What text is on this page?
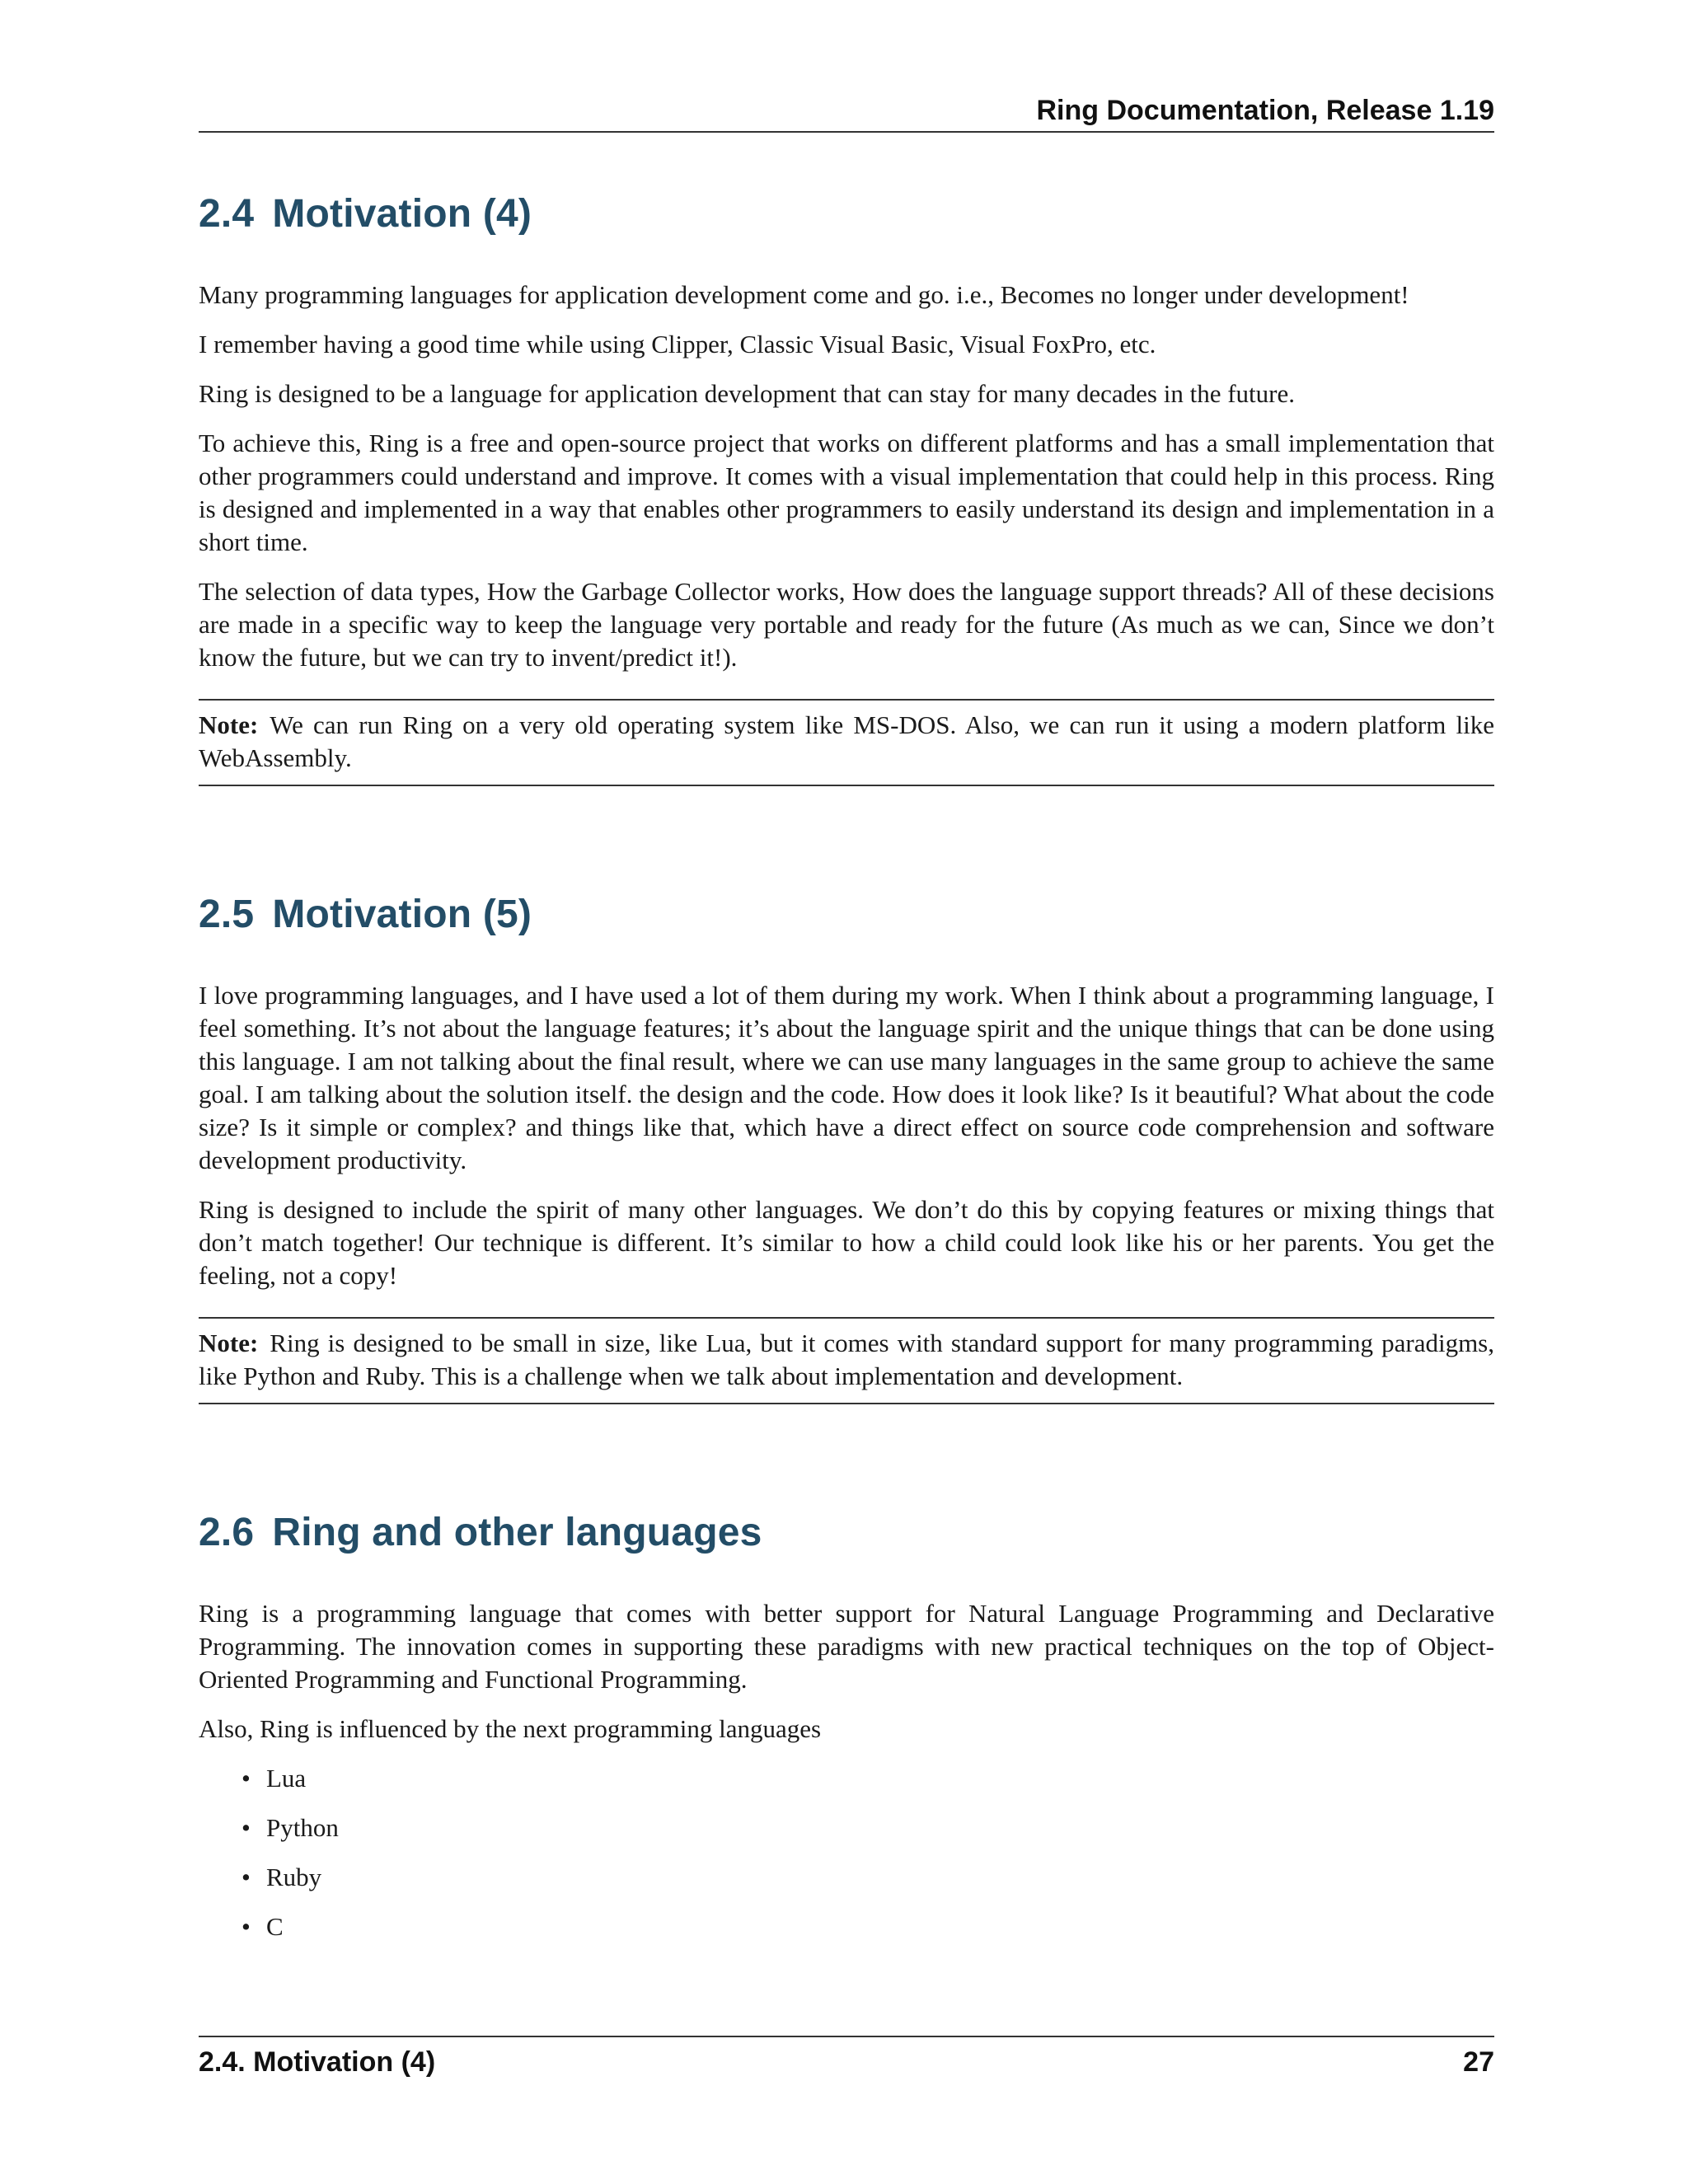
Ring Documentation, Release 1.19
2.4 Motivation (4)

Many programming languages for application development come and go. i.e., Becomes no longer under development!

I remember having a good time while using Clipper, Classic Visual Basic, Visual FoxPro, etc.

Ring is designed to be a language for application development that can stay for many decades in the future.

To achieve this, Ring is a free and open-source project that works on different platforms and has a small implementation that other programmers could understand and improve. It comes with a visual implementation that could help in this process. Ring is designed and implemented in a way that enables other programmers to easily understand its design and implementation in a short time.

The selection of data types, How the Garbage Collector works, How does the language support threads? All of these decisions are made in a specific way to keep the language very portable and ready for the future (As much as we can, Since we don’t know the future, but we can try to invent/predict it!).

Note: We can run Ring on a very old operating system like MS-DOS. Also, we can run it using a modern platform like WebAssembly.
2.5 Motivation (5)

I love programming languages, and I have used a lot of them during my work. When I think about a programming language, I feel something. It’s not about the language features; it’s about the language spirit and the unique things that can be done using this language. I am not talking about the final result, where we can use many languages in the same group to achieve the same goal. I am talking about the solution itself. the design and the code. How does it look like? Is it beautiful? What about the code size? Is it simple or complex? and things like that, which have a direct effect on source code comprehension and software development productivity.

Ring is designed to include the spirit of many other languages. We don’t do this by copying features or mixing things that don’t match together! Our technique is different. It’s similar to how a child could look like his or her parents. You get the feeling, not a copy!

Note: Ring is designed to be small in size, like Lua, but it comes with standard support for many programming paradigms, like Python and Ruby. This is a challenge when we talk about implementation and development.
2.6 Ring and other languages

Ring is a programming language that comes with better support for Natural Language Programming and Declarative Programming. The innovation comes in supporting these paradigms with new practical techniques on the top of Object-Oriented Programming and Functional Programming.

Also, Ring is influenced by the next programming languages

• Lua
• Python
• Ruby
• C
2.4. Motivation (4)	27
